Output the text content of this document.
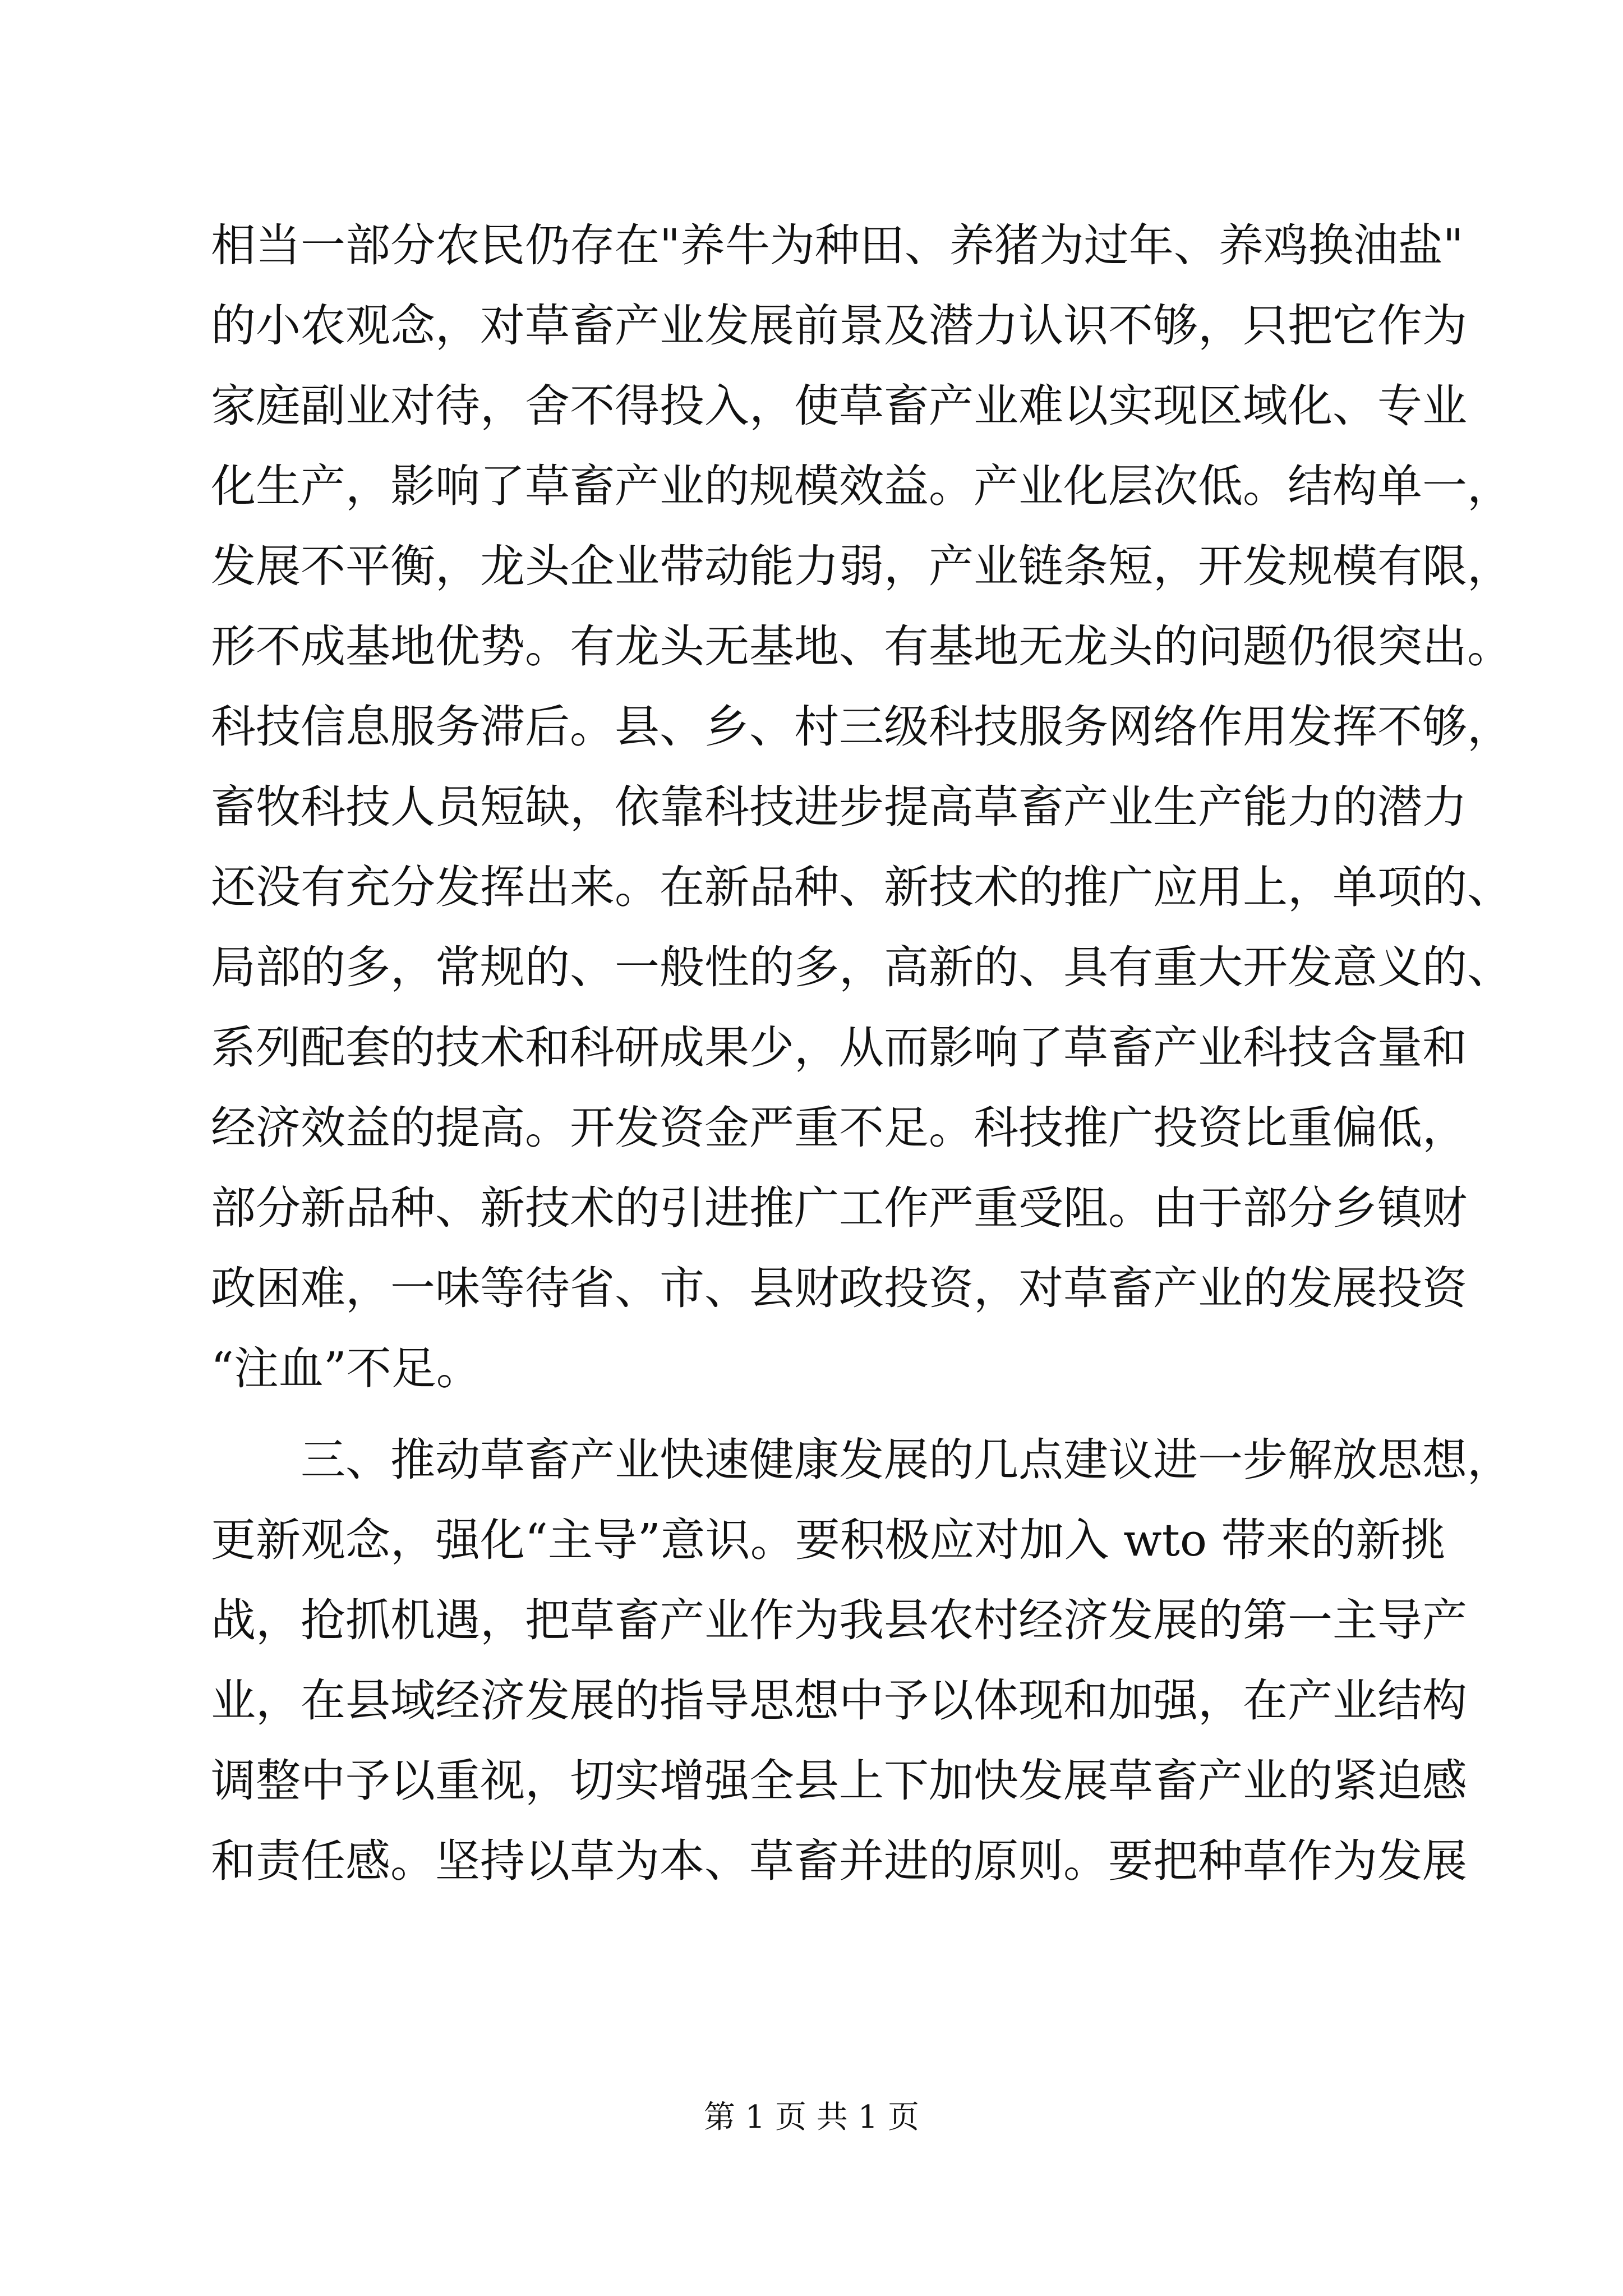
相当一部分农民仍存在"养牛为种田、养猪为过年、养鸡换油盐"
的小农观念，对草畜产业发展前景及潜力认识不够，只把它作为
家庭副业对待，舍不得投入，使草畜产业难以实现区域化、专业
化生产，影响了草畜产业的规模效益。产业化层次低。结构单一，
发展不平衡，龙头企业带动能力弱，产业链条短，开发规模有限，
形不成基地优势。有龙头无基地、有基地无龙头的问题仍很突出。
科技信息服务滞后。县、乡、村三级科技服务网络作用发挥不够，
畜牧科技人员短缺，依靠科技进步提高草畜产业生产能力的潜力
还没有充分发挥出来。在新品种、新技术的推广应用上，单项的、
局部的多，常规的、一般性的多，高新的、具有重大开发意义的、
系列配套的技术和科研成果少，从而影响了草畜产业科技含量和
经济效益的提高。开发资金严重不足。科技推广投资比重偏低，
部分新品种、新技术的引进推广工作严重受阻。由于部分乡镇财
政困难，一味等待省、市、县财政投资，对草畜产业的发展投资
“注血”不足。
三、推动草畜产业快速健康发展的几点建议进一步解放思想，
更新观念，强化“主导”意识。要积极应对加入 wto 带来的新挑
战，抢抓机遇，把草畜产业作为我县农村经济发展的第一主导产
业，在县域经济发展的指导思想中予以体现和加强，在产业结构
调整中予以重视，切实增强全县上下加快发展草畜产业的紧迫感
和责任感。坚持以草为本、草畜并进的原则。要把种草作为发展
第 1 页 共 1 页
